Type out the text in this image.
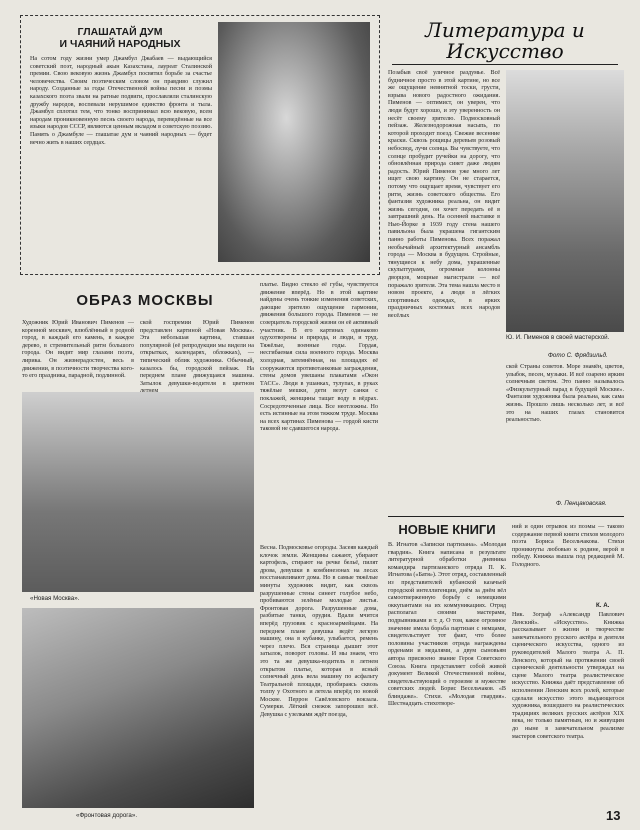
ГЛАШАТАЙ ДУМ
И ЧАЯНИЙ НАРОДНЫХ
На сотом году жизни умер Джамбул Джабаев — выдающийся советский поэт, народный акын Казахстана, лауреат Сталинской премии. Свою вековую жизнь Джамбул посвятил борьбе за счастье человечества. Своим поэтическим словом он правдиво служил народу. Созданные за годы Отечественной войны песни и поэмы казахского поэта звали на ратные подвиги, прославляли сталинскую дружбу народов, воспевали нерушимое единство фронта и тыла. Джамбул сплотил тем, что тонко воспринимал всю вековую, всем народам проникновенную песнь своего народа, переведённые на все языки народов СССР, являются ценным вкладом в советскую поэзию. Память о Джамбуле — глашатае дум и чаяний народных — будет вечно жить в наших сердцах.
Литература и Искусство
ОБРАЗ МОСКВЫ
Художник Юрий Иванович Пименов — коренной москвич, влюблённый в родной город, в каждый его камень, в каждое дерево, в стремительный ритм большого города. Он видит мир глазами поэта, лирика. Он жизнерадостен, весь в движении, в поэтичности творчества кого-то его праздника, парадной, подлинной.
ской госпремии Юрий Пименов представлен картиной «Новая Москва». Эта небольшая картина, ставшая популярной (её репродукции мы видели на открытках, календарях, обложках), — типический облик художника. Обычный, казалось бы, городской пейзаж. На переднем плане движущаяся машина. Затылок девушки-водителя в цветном
платье. Видно стекло её губы, чувствуется движение вперёд. Но в этой картине найдены очень тонкие изменения советских, дающие зрителю ощущение гармонии, движения большого города. Пименов — не созерцатель городской жизни он её активный участник. В его картинах одинаково одухотворены и природа, и люди, и труд. Тяжёлые, военные годы. Гордая, несгибаемая сила военного города. Москва холодная, затемнённая, на площадях её сооружаются противотанковые заграждения, стены домов увешаны плакатами «Окон ТАСС». Люди в ушанках, тулупах, в руках тяжёлые мешки, дети везут санки с поклажей, женщины тащат воду в вёдрах. Сосредоточенные лица. Все неотложны. Но есть истинные на этом тяжком труде. Москва на всех картинах Пименова — гордой кисти таковой не сдавшегося народа.
Весна. Подмосковье огороды. Засеяв каждый клочок земли. Женщины сажают, убирают картофель, стирают на речке бельё, пилят дрова, девушки в комбинезонах на лесах восстанавливают дома. Но в самые тяжёлые минуты художник видит, как сквозь разрушенные стены синеет голубое небо, пробиваются зелёные молодые листья. Фронтовая дорога. Разрушенные дома, разбитые танки, орудия. Вдали мчится вперёд грузовик с красноармейцами. На переднем плане девушка ведёт легкую машину, она в кубанке, улыбается, ремень через плечо. Вся страница дышит этот затылок, поворот головы. И мы знаем, что это та же девушка-водитель в летнем открытом платье, которая в ясный солнечный день вела машину по асфальту Театральной площади, пробираясь сквозь толпу у Охотного и летела вперёд по новой Москве. Перрон Савёловского вокзала. Сумерки. Лёгкий снежок запорошил всё. Девушка с узелками ждёт поезда,
Позабыв своё уличное раздумье. Всё будничное просто в этой картине, но все же ощущение невнятной тоски, грусти, взрыва нового радостного ожидания. Пименов — оптимист, он уверен, что люди будут хорошо, и эту уверенность он несёт своему зрителю. Подмосковный пейзаж. Железнодорожная насыпь, по которой проходит поезд. Свежие весенние краски. Сквозь рощицы деревьев розовый небосвод, лучи солнца. Вы чувствуете, что солнце пробудит ручейки на дорогу, что обновлённая природа сияет даже людям радость. Юрий Пименов уже много лет ищет свою картину. Он не старается, потому что ощущает время, чувствует его ритм, жизнь советского общества. Его фантазия художника реальна, он видит жизнь сегодня, он хочет передать её в завтрашний день. На осенней выставке в Нью-Йорке в 1939 году стена нашего павильона была украшена гигантским панно работы Пименова. Всех поражал необычайный архитектурный ансамбль города — Москва в будущем. Стройные, тянущиеся к небу дома, украшенные скульптурами, огромные колонны дворцов, мощные магистрали — всё поражало зрителя. Эта тема нашла место в новом проекте, а люди в лёгких спортивных одеждах, в ярких праздничных костюмах всех народов весёлых
«Новая Москва».
«Фронтовая дорога».
Ю. И. Пименов в своей мастерской.
Фото С. Фрядзильд.
ской Страны советов. Море знамён, цветов, улыбок, песен, музыки. И всё озарено ярким солнечным светом. Это панно называлось «Физкультурный парад в будущей Москве». Фантазия художника была реальна, как сама жизнь. Прошло лишь несколько лет, и всё это на наших глазах становится реальностью.
Ф. Пенцаковская.
НОВЫЕ КНИГИ
В. Игнатов «Записки партизана». «Молодая гвардия». Книга написана в результате литературной обработки дневника командира партизанского отряда П. К. Игнатова («Батя»). Этот отряд, составленный из представителей кубанской казачьей городской интеллигенции, днём за днём вёл самоотверженную борьбу с немецкими оккупантами на их коммуникациях. Отряд располагал своими мастерами, подрывниками и т. д. О том, какое огромное значение имела борьба партизан с немцами, свидетельствует тот факт, что более половины участников отряда награждены орденами и медалями, а двум сыновьям автора присвоено звание Героя Советского Союза. Книга представляет собой живой документ Великой Отечественной войны, свидетельствующий о героизме и мужестве советских людей. Борис Весельчаков. «В блиндаже». Стихи. «Молодая гвардия». Шестнадцать стихотворе-
ний и один отрывок из поэмы — таково содержание первой книги стихов молодого поэта Бориса Весельчакова. Стихи проникнуты любовью к родине, верой в победу. Книжка вышла под редакцией М. Голодного.
К. А.
Ник. Зограф «Александр Павлович Ленский». «Искусство». Книжка рассказывает о жизни и творчестве замечательного русского актёра и деятеля сценического искусства, одного из руководителей Малого театра А. П. Ленского, который на протяжении своей сценической деятельности утверждал на сцене Малого театра реалистическое искусство. Книжка даёт представление об исполнении Ленским всех ролей, которые сделали искусство этого выдающегося художника, вошедшего на реалистических традициях великих русских актёров XIX века, не только памятным, но и живущим до ныне в замечательном реализме мастеров советского театра.
13
